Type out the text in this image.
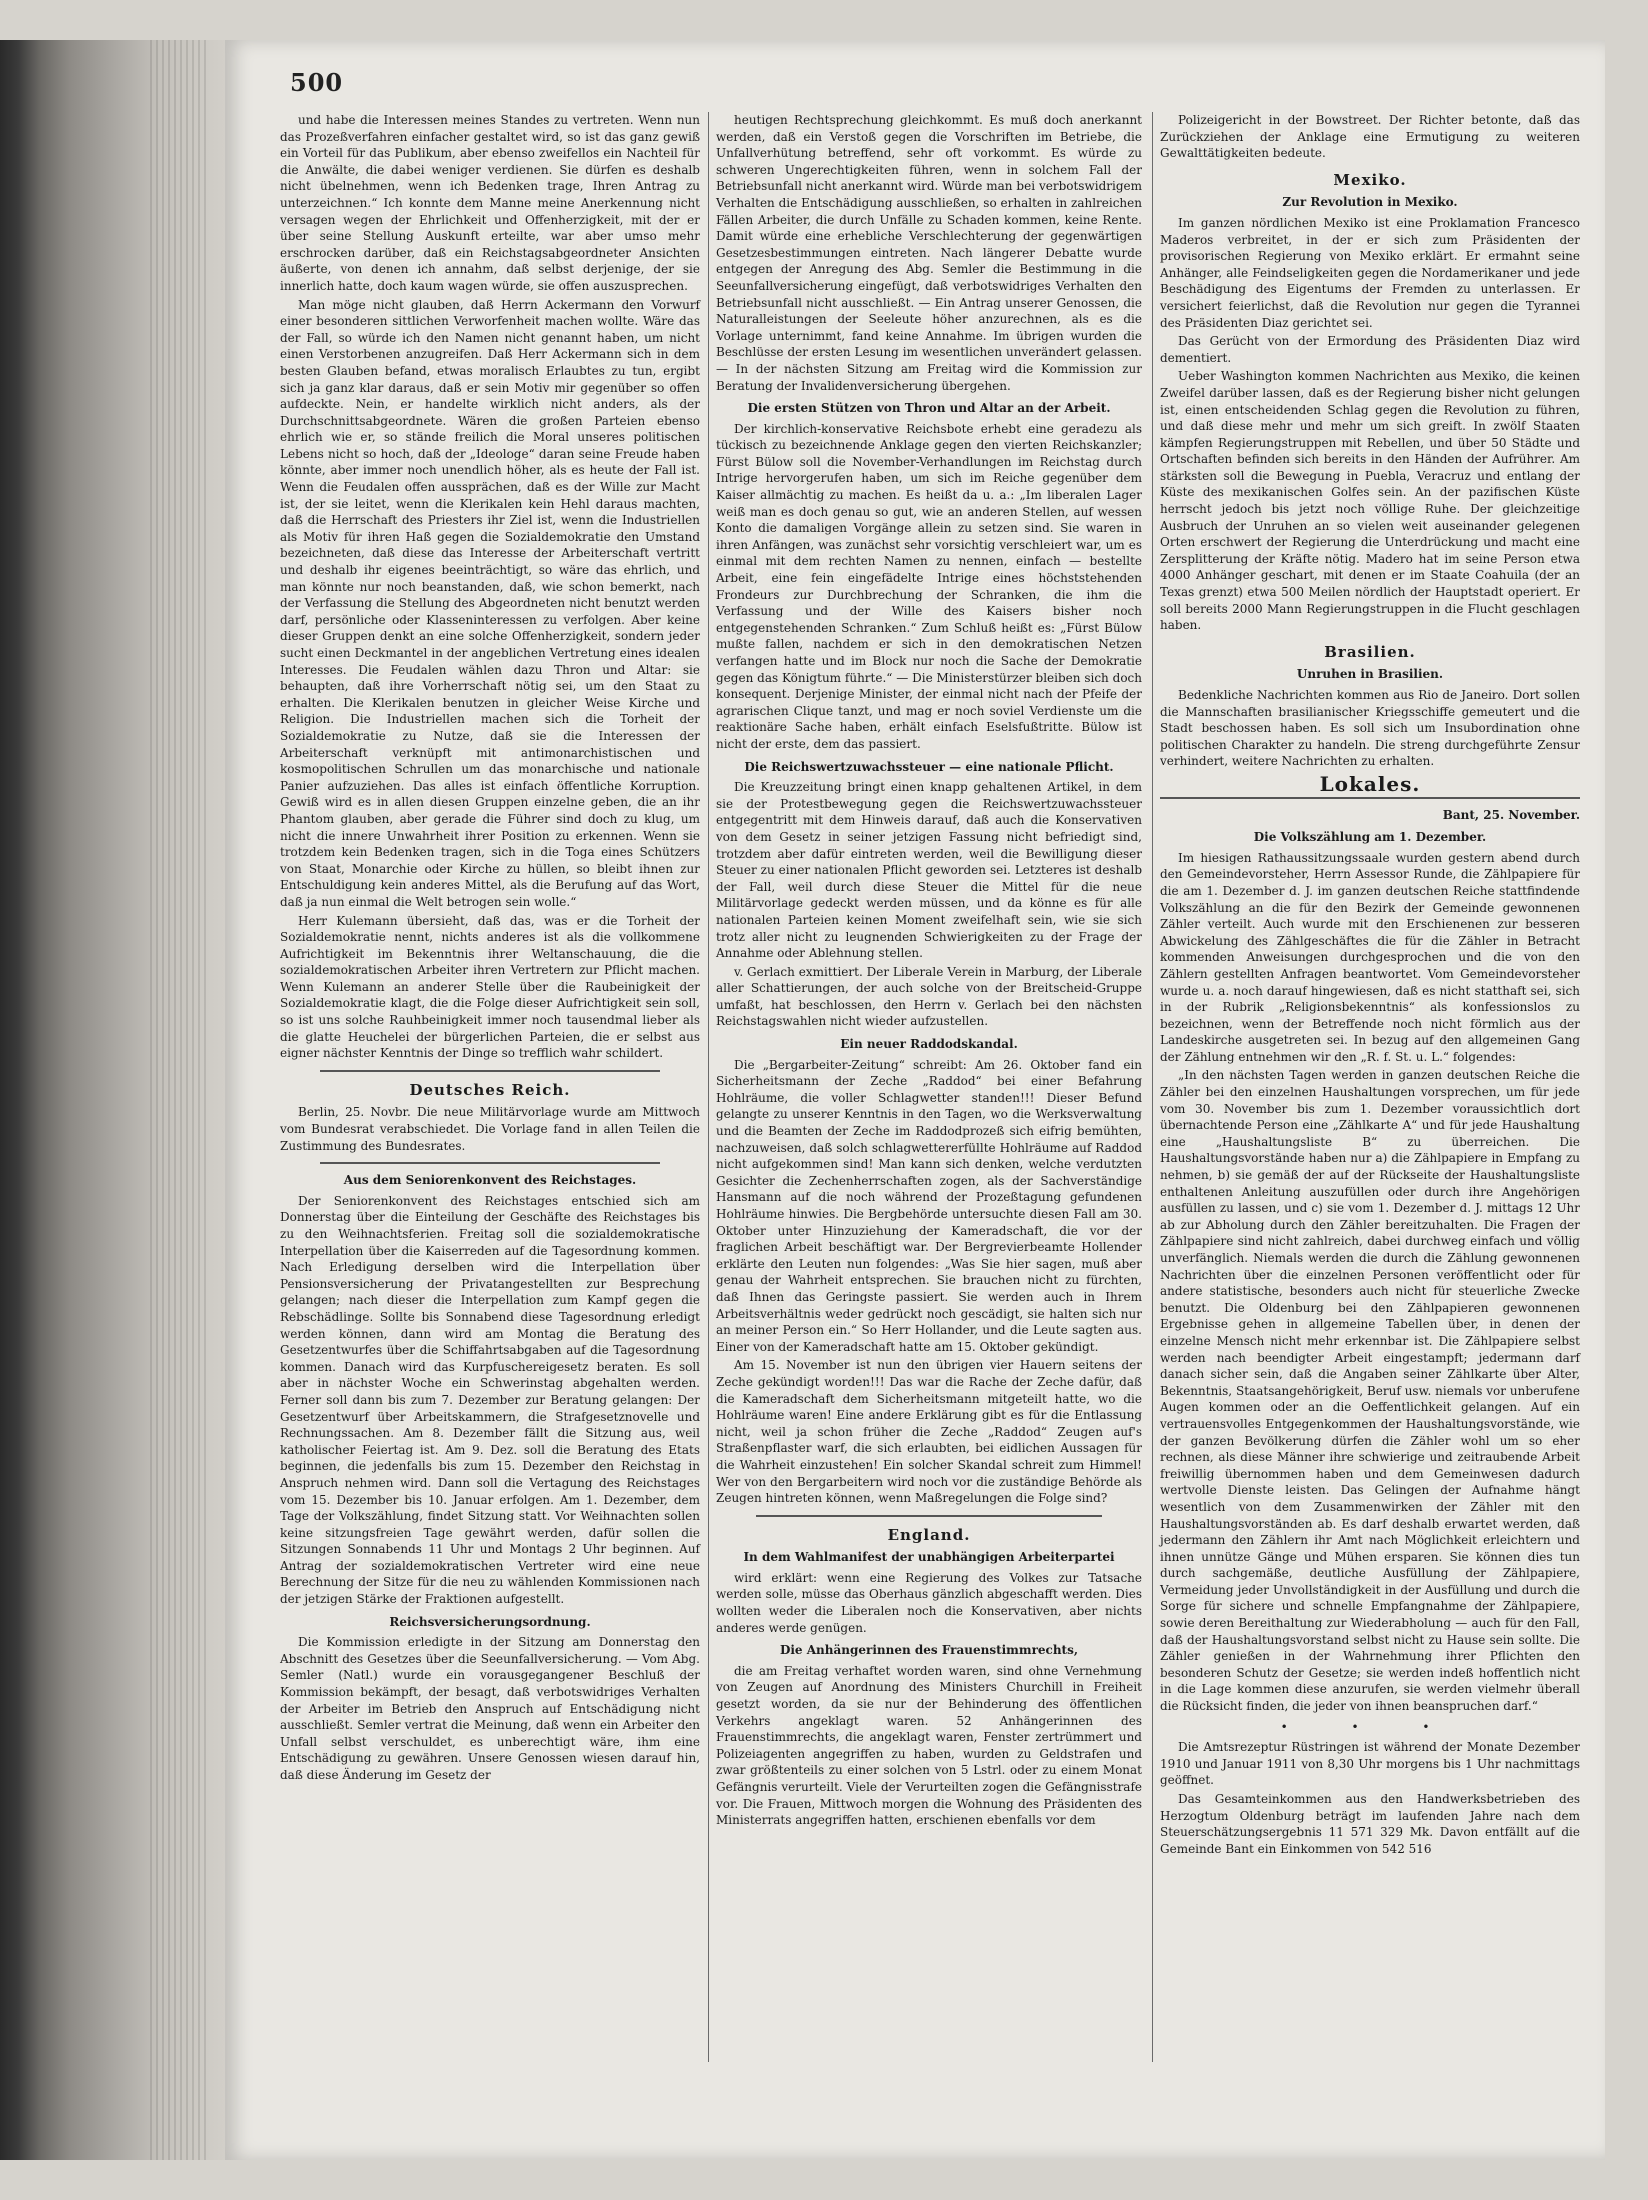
500

und habe die Interessen meines Standes zu vertreten. Wenn nun das Prozeßverfahren einfacher gestaltet wird, so ist das ganz gewiß ein Vorteil für das Publikum, aber ebenso zweifellos ein Nachteil für die Anwälte, die dabei weniger verdienen. Sie dürfen es deshalb nicht übelnehmen, wenn ich Bedenken trage, Ihren Antrag zu unterzeichnen.“ Ich konnte dem Manne meine Anerkennung nicht versagen wegen der Ehrlichkeit und Offenherzigkeit, mit der er über seine Stellung Auskunft erteilte, war aber umso mehr erschrocken darüber, daß ein Reichstagsabgeordneter Ansichten äußerte, von denen ich annahm, daß selbst derjenige, der sie innerlich hatte, doch kaum wagen würde, sie offen auszusprechen.

Man möge nicht glauben, daß Herrn Ackermann den Vorwurf einer besonderen sittlichen Verworfenheit machen wollte. Wäre das der Fall, so würde ich den Namen nicht genannt haben, um nicht einen Verstorbenen anzugreifen. Daß Herr Ackermann sich in dem besten Glauben befand, etwas moralisch Erlaubtes zu tun, ergibt sich ja ganz klar daraus, daß er sein Motiv mir gegenüber so offen aufdeckte. Nein, er handelte wirklich nicht anders, als der Durchschnittsabgeordnete. Wären die großen Parteien ebenso ehrlich wie er, so stände freilich die Moral unseres politischen Lebens nicht so hoch, daß der „Ideologe“ daran seine Freude haben könnte, aber immer noch unendlich höher, als es heute der Fall ist. Wenn die Feudalen offen aussprächen, daß es der Wille zur Macht ist, der sie leitet, wenn die Klerikalen kein Hehl daraus machten, daß die Herrschaft des Priesters ihr Ziel ist, wenn die Industriellen als Motiv für ihren Haß gegen die Sozialdemokratie den Umstand bezeichneten, daß diese das Interesse der Arbeiterschaft vertritt und deshalb ihr eigenes beeinträchtigt, so wäre das ehrlich, und man könnte nur noch beanstanden, daß, wie schon bemerkt, nach der Verfassung die Stellung des Abgeordneten nicht benutzt werden darf, persönliche oder Klasseninteressen zu verfolgen. Aber keine dieser Gruppen denkt an eine solche Offenherzigkeit, sondern jeder sucht einen Deckmantel in der angeblichen Vertretung eines idealen Interesses. Die Feudalen wählen dazu Thron und Altar: sie behaupten, daß ihre Vorherrschaft nötig sei, um den Staat zu erhalten. Die Klerikalen benutzen in gleicher Weise Kirche und Religion. Die Industriellen machen sich die Torheit der Sozialdemokratie zu Nutze, daß sie die Interessen der Arbeiterschaft verknüpft mit antimonarchistischen und kosmopolitischen Schrullen um das monarchische und nationale Panier aufzuziehen. Das alles ist einfach öffentliche Korruption. Gewiß wird es in allen diesen Gruppen einzelne geben, die an ihr Phantom glauben, aber gerade die Führer sind doch zu klug, um nicht die innere Unwahrheit ihrer Position zu erkennen. Wenn sie trotzdem kein Bedenken tragen, sich in die Toga eines Schützers von Staat, Monarchie oder Kirche zu hüllen, so bleibt ihnen zur Entschuldigung kein anderes Mittel, als die Berufung auf das Wort, daß ja nun einmal die Welt betrogen sein wolle.“

Herr Kulemann übersieht, daß das, was er die Torheit der Sozialdemokratie nennt, nichts anderes ist als die vollkommene Aufrichtigkeit im Bekenntnis ihrer Weltanschauung, die die sozialdemokratischen Arbeiter ihren Vertretern zur Pflicht machen. Wenn Kulemann an anderer Stelle über die Raubeinigkeit der Sozialdemokratie klagt, die die Folge dieser Aufrichtigkeit sein soll, so ist uns solche Rauhbeinigkeit immer noch tausendmal lieber als die glatte Heuchelei der bürgerlichen Parteien, die er selbst aus eigner nächster Kenntnis der Dinge so trefflich wahr schildert.

Deutsches Reich.

Berlin, 25. Novbr. Die neue Militärvorlage wurde am Mittwoch vom Bundesrat verabschiedet. Die Vorlage fand in allen Teilen die Zustimmung des Bundesrates.

Aus dem Seniorenkonvent des Reichstages.

Der Seniorenkonvent des Reichstages entschied sich am Donnerstag über die Einteilung der Geschäfte des Reichstages bis zu den Weihnachtsferien. Freitag soll die sozialdemokratische Interpellation über die Kaiserreden auf die Tagesordnung kommen. Nach Erledigung derselben wird die Interpellation über Pensionsversicherung der Privatangestellten zur Besprechung gelangen; nach dieser die Interpellation zum Kampf gegen die Rebschädlinge. Sollte bis Sonnabend diese Tagesordnung erledigt werden können, dann wird am Montag die Beratung des Gesetzentwurfes über die Schiffahrtsabgaben auf die Tagesordnung kommen. Danach wird das Kurpfuschereigesetz beraten. Es soll aber in nächster Woche ein Schwerinstag abgehalten werden. Ferner soll dann bis zum 7. Dezember zur Beratung gelangen: Der Gesetzentwurf über Arbeitskammern, die Strafgesetznovelle und Rechnungssachen. Am 8. Dezember fällt die Sitzung aus, weil katholischer Feiertag ist. Am 9. Dez. soll die Beratung des Etats beginnen, die jedenfalls bis zum 15. Dezember den Reichstag in Anspruch nehmen wird. Dann soll die Vertagung des Reichstages vom 15. Dezember bis 10. Januar erfolgen. Am 1. Dezember, dem Tage der Volkszählung, findet Sitzung statt. Vor Weihnachten sollen keine sitzungsfreien Tage gewährt werden, dafür sollen die Sitzungen Sonnabends 11 Uhr und Montags 2 Uhr beginnen. Auf Antrag der sozialdemokratischen Vertreter wird eine neue Berechnung der Sitze für die neu zu wählenden Kommissionen nach der jetzigen Stärke der Fraktionen aufgestellt.

Reichsversicherungsordnung.

Die Kommission erledigte in der Sitzung am Donnerstag den Abschnitt des Gesetzes über die Seeunfallversicherung. — Vom Abg. Semler (Natl.) wurde ein vorausgegangener Beschluß der Kommission bekämpft, der besagt, daß verbotswidriges Verhalten der Arbeiter im Betrieb den Anspruch auf Entschädigung nicht ausschließt. Semler vertrat die Meinung, daß wenn ein Arbeiter den Unfall selbst verschuldet, es unberechtigt wäre, ihm eine Entschädigung zu gewähren. Unsere Genossen wiesen darauf hin, daß diese Änderung im Gesetz der

heutigen Rechtsprechung gleichkommt. Es muß doch anerkannt werden, daß ein Verstoß gegen die Vorschriften im Betriebe, die Unfallverhütung betreffend, sehr oft vorkommt. Es würde zu schweren Ungerechtigkeiten führen, wenn in solchem Fall der Betriebsunfall nicht anerkannt wird. Würde man bei verbotswidrigem Verhalten die Entschädigung ausschließen, so erhalten in zahlreichen Fällen Arbeiter, die durch Unfälle zu Schaden kommen, keine Rente. Damit würde eine erhebliche Verschlechterung der gegenwärtigen Gesetzesbestimmungen eintreten. Nach längerer Debatte wurde entgegen der Anregung des Abg. Semler die Bestimmung in die Seeunfallversicherung eingefügt, daß verbotswidriges Verhalten den Betriebsunfall nicht ausschließt. — Ein Antrag unserer Genossen, die Naturalleistungen der Seeleute höher anzurechnen, als es die Vorlage unternimmt, fand keine Annahme. Im übrigen wurden die Beschlüsse der ersten Lesung im wesentlichen unverändert gelassen. — In der nächsten Sitzung am Freitag wird die Kommission zur Beratung der Invalidenversicherung übergehen.

Die ersten Stützen von Thron und Altar an der Arbeit.

Der kirchlich-konservative Reichsbote erhebt eine geradezu als tückisch zu bezeichnende Anklage gegen den vierten Reichskanzler; Fürst Bülow soll die November-Verhandlungen im Reichstag durch Intrige hervorgerufen haben, um sich im Reiche gegenüber dem Kaiser allmächtig zu machen. Es heißt da u. a.: „Im liberalen Lager weiß man es doch genau so gut, wie an anderen Stellen, auf wessen Konto die damaligen Vorgänge allein zu setzen sind. Sie waren in ihren Anfängen, was zunächst sehr vorsichtig verschleiert war, um es einmal mit dem rechten Namen zu nennen, einfach — bestellte Arbeit, eine fein eingefädelte Intrige eines höchststehenden Frondeurs zur Durchbrechung der Schranken, die ihm die Verfassung und der Wille des Kaisers bisher noch entgegenstehenden Schranken.“ Zum Schluß heißt es: „Fürst Bülow mußte fallen, nachdem er sich in den demokratischen Netzen verfangen hatte und im Block nur noch die Sache der Demokratie gegen das Königtum führte.“ — Die Ministerstürzer bleiben sich doch konsequent. Derjenige Minister, der einmal nicht nach der Pfeife der agrarischen Clique tanzt, und mag er noch soviel Verdienste um die reaktionäre Sache haben, erhält einfach Eselsfußtritte. Bülow ist nicht der erste, dem das passiert.

Die Reichswertzuwachssteuer — eine nationale Pflicht.

Die Kreuzzeitung bringt einen knapp gehaltenen Artikel, in dem sie der Protestbewegung gegen die Reichswertzuwachssteuer entgegentritt mit dem Hinweis darauf, daß auch die Konservativen von dem Gesetz in seiner jetzigen Fassung nicht befriedigt sind, trotzdem aber dafür eintreten werden, weil die Bewilligung dieser Steuer zu einer nationalen Pflicht geworden sei. Letzteres ist deshalb der Fall, weil durch diese Steuer die Mittel für die neue Militärvorlage gedeckt werden müssen, und da könne es für alle nationalen Parteien keinen Moment zweifelhaft sein, wie sie sich trotz aller nicht zu leugnenden Schwierigkeiten zu der Frage der Annahme oder Ablehnung stellen.

v. Gerlach exmittiert. Der Liberale Verein in Marburg, der Liberale aller Schattierungen, der auch solche von der Breitscheid-Gruppe umfaßt, hat beschlossen, den Herrn v. Gerlach bei den nächsten Reichstagswahlen nicht wieder aufzustellen.

Ein neuer Raddodskandal.

Die „Bergarbeiter-Zeitung“ schreibt: Am 26. Oktober fand ein Sicherheitsmann der Zeche „Raddod“ bei einer Befahrung Hohlräume, die voller Schlagwetter standen!!! Dieser Befund gelangte zu unserer Kenntnis in den Tagen, wo die Werksverwaltung und die Beamten der Zeche im Raddodprozeß sich eifrig bemühten, nachzuweisen, daß solch schlagwettererfüllte Hohlräume auf Raddod nicht aufgekommen sind! Man kann sich denken, welche verdutzten Gesichter die Zechenherrschaften zogen, als der Sachverständige Hansmann auf die noch während der Prozeßtagung gefundenen Hohlräume hinwies. Die Bergbehörde untersuchte diesen Fall am 30. Oktober unter Hinzuziehung der Kameradschaft, die vor der fraglichen Arbeit beschäftigt war. Der Bergrevierbeamte Hollender erklärte den Leuten nun folgendes: „Was Sie hier sagen, muß aber genau der Wahrheit entsprechen. Sie brauchen nicht zu fürchten, daß Ihnen das Geringste passiert. Sie werden auch in Ihrem Arbeitsverhältnis weder gedrückt noch gescädigt, sie halten sich nur an meiner Person ein.“ So Herr Hollander, und die Leute sagten aus. Einer von der Kameradschaft hatte am 15. Oktober gekündigt.

Am 15. November ist nun den übrigen vier Hauern seitens der Zeche gekündigt worden!!! Das war die Rache der Zeche dafür, daß die Kameradschaft dem Sicherheitsmann mitgeteilt hatte, wo die Hohlräume waren! Eine andere Erklärung gibt es für die Entlassung nicht, weil ja schon früher die Zeche „Raddod“ Zeugen auf's Straßenpflaster warf, die sich erlaubten, bei eidlichen Aussagen für die Wahrheit einzustehen! Ein solcher Skandal schreit zum Himmel! Wer von den Bergarbeitern wird noch vor die zuständige Behörde als Zeugen hintreten können, wenn Maßregelungen die Folge sind?

England.
In dem Wahlmanifest der unabhängigen Arbeiterpartei

wird erklärt: wenn eine Regierung des Volkes zur Tatsache werden solle, müsse das Oberhaus gänzlich abgeschafft werden. Dies wollten weder die Liberalen noch die Konservativen, aber nichts anderes werde genügen.

Die Anhängerinnen des Frauenstimmrechts,

die am Freitag verhaftet worden waren, sind ohne Vernehmung von Zeugen auf Anordnung des Ministers Churchill in Freiheit gesetzt worden, da sie nur der Behinderung des öffentlichen Verkehrs angeklagt waren. 52 Anhängerinnen des Frauenstimmrechts, die angeklagt waren, Fenster zertrümmert und Polizeiagenten angegriffen zu haben, wurden zu Geldstrafen und zwar größtenteils zu einer solchen von 5 Lstrl. oder zu einem Monat Gefängnis verurteilt. Viele der Verurteilten zogen die Gefängnisstrafe vor. Die Frauen, Mittwoch morgen die Wohnung des Präsidenten des Ministerrats angegriffen hatten, erschienen ebenfalls vor dem

Polizeigericht in der Bowstreet. Der Richter betonte, daß das Zurückziehen der Anklage eine Ermutigung zu weiteren Gewalttätigkeiten bedeute.

Mexiko.
Zur Revolution in Mexiko.

Im ganzen nördlichen Mexiko ist eine Proklamation Francesco Maderos verbreitet, in der er sich zum Präsidenten der provisorischen Regierung von Mexiko erklärt. Er ermahnt seine Anhänger, alle Feindseligkeiten gegen die Nordamerikaner und jede Beschädigung des Eigentums der Fremden zu unterlassen. Er versichert feierlichst, daß die Revolution nur gegen die Tyrannei des Präsidenten Diaz gerichtet sei.

Das Gerücht von der Ermordung des Präsidenten Diaz wird dementiert.

Ueber Washington kommen Nachrichten aus Mexiko, die keinen Zweifel darüber lassen, daß es der Regierung bisher nicht gelungen ist, einen entscheidenden Schlag gegen die Revolution zu führen, und daß diese mehr und mehr um sich greift. In zwölf Staaten kämpfen Regierungstruppen mit Rebellen, und über 50 Städte und Ortschaften befinden sich bereits in den Händen der Aufrührer. Am stärksten soll die Bewegung in Puebla, Veracruz und entlang der Küste des mexikanischen Golfes sein. An der pazifischen Küste herrscht jedoch bis jetzt noch völlige Ruhe. Der gleichzeitige Ausbruch der Unruhen an so vielen weit auseinander gelegenen Orten erschwert der Regierung die Unterdrückung und macht eine Zersplitterung der Kräfte nötig. Madero hat im seine Person etwa 4000 Anhänger geschart, mit denen er im Staate Coahuila (der an Texas grenzt) etwa 500 Meilen nördlich der Hauptstadt operiert. Er soll bereits 2000 Mann Regierungstruppen in die Flucht geschlagen haben.

Brasilien.
Unruhen in Brasilien.

Bedenkliche Nachrichten kommen aus Rio de Janeiro. Dort sollen die Mannschaften brasilianischer Kriegsschiffe gemeutert und die Stadt beschossen haben. Es soll sich um Insubordination ohne politischen Charakter zu handeln. Die streng durchgeführte Zensur verhindert, weitere Nachrichten zu erhalten.

Lokales.
Bant, 25. November.
Die Volkszählung am 1. Dezember.

Im hiesigen Rathaussitzungssaale wurden gestern abend durch den Gemeindevorsteher, Herrn Assessor Runde, die Zählpapiere für die am 1. Dezember d. J. im ganzen deutschen Reiche stattfindende Volkszählung an die für den Bezirk der Gemeinde gewonnenen Zähler verteilt. Auch wurde mit den Erschienenen zur besseren Abwickelung des Zählgeschäftes die für die Zähler in Betracht kommenden Anweisungen durchgesprochen und die von den Zählern gestellten Anfragen beantwortet. Vom Gemeindevorsteher wurde u. a. noch darauf hingewiesen, daß es nicht statthaft sei, sich in der Rubrik „Religionsbekenntnis“ als konfessionslos zu bezeichnen, wenn der Betreffende noch nicht förmlich aus der Landeskirche ausgetreten sei. In bezug auf den allgemeinen Gang der Zählung entnehmen wir den „R. f. St. u. L.“ folgendes:

„In den nächsten Tagen werden in ganzen deutschen Reiche die Zähler bei den einzelnen Haushaltungen vorsprechen, um für jede vom 30. November bis zum 1. Dezember voraussichtlich dort übernachtende Person eine „Zählkarte A“ und für jede Haushaltung eine „Haushaltungsliste B“ zu überreichen. Die Haushaltungsvorstände haben nur a) die Zählpapiere in Empfang zu nehmen, b) sie gemäß der auf der Rückseite der Haushaltungsliste enthaltenen Anleitung auszufüllen oder durch ihre Angehörigen ausfüllen zu lassen, und c) sie vom 1. Dezember d. J. mittags 12 Uhr ab zur Abholung durch den Zähler bereitzuhalten. Die Fragen der Zählpapiere sind nicht zahlreich, dabei durchweg einfach und völlig unverfänglich. Niemals werden die durch die Zählung gewonnenen Nachrichten über die einzelnen Personen veröffentlicht oder für andere statistische, besonders auch nicht für steuerliche Zwecke benutzt. Die Oldenburg bei den Zählpapieren gewonnenen Ergebnisse gehen in allgemeine Tabellen über, in denen der einzelne Mensch nicht mehr erkennbar ist. Die Zählpapiere selbst werden nach beendigter Arbeit eingestampft; jedermann darf danach sicher sein, daß die Angaben seiner Zählkarte über Alter, Bekenntnis, Staatsangehörigkeit, Beruf usw. niemals vor unberufene Augen kommen oder an die Oeffentlichkeit gelangen. Auf ein vertrauensvolles Entgegenkommen der Haushaltungsvorstände, wie der ganzen Bevölkerung dürfen die Zähler wohl um so eher rechnen, als diese Männer ihre schwierige und zeitraubende Arbeit freiwillig übernommen haben und dem Gemeinwesen dadurch wertvolle Dienste leisten. Das Gelingen der Aufnahme hängt wesentlich von dem Zusammenwirken der Zähler mit den Haushaltungsvorständen ab. Es darf deshalb erwartet werden, daß jedermann den Zählern ihr Amt nach Möglichkeit erleichtern und ihnen unnütze Gänge und Mühen ersparen. Sie können dies tun durch sachgemäße, deutliche Ausfüllung der Zählpapiere, Vermeidung jeder Unvollständigkeit in der Ausfüllung und durch die Sorge für sichere und schnelle Empfangnahme der Zählpapiere, sowie deren Bereithaltung zur Wiederabholung — auch für den Fall, daß der Haushaltungsvorstand selbst nicht zu Hause sein sollte. Die Zähler genießen in der Wahrnehmung ihrer Pflichten den besonderen Schutz der Gesetze; sie werden indeß hoffentlich nicht in die Lage kommen diese anzurufen, sie werden vielmehr überall die Rücksicht finden, die jeder von ihnen beanspruchen darf.“

• • •

Die Amtsrezeptur Rüstringen ist während der Monate Dezember 1910 und Januar 1911 von 8,30 Uhr morgens bis 1 Uhr nachmittags geöffnet.

Das Gesamteinkommen aus den Handwerksbetrieben des Herzogtum Oldenburg beträgt im laufenden Jahre nach dem Steuerschätzungsergebnis 11 571 329 Mk. Davon entfällt auf die Gemeinde Bant ein Einkommen von 542 516
